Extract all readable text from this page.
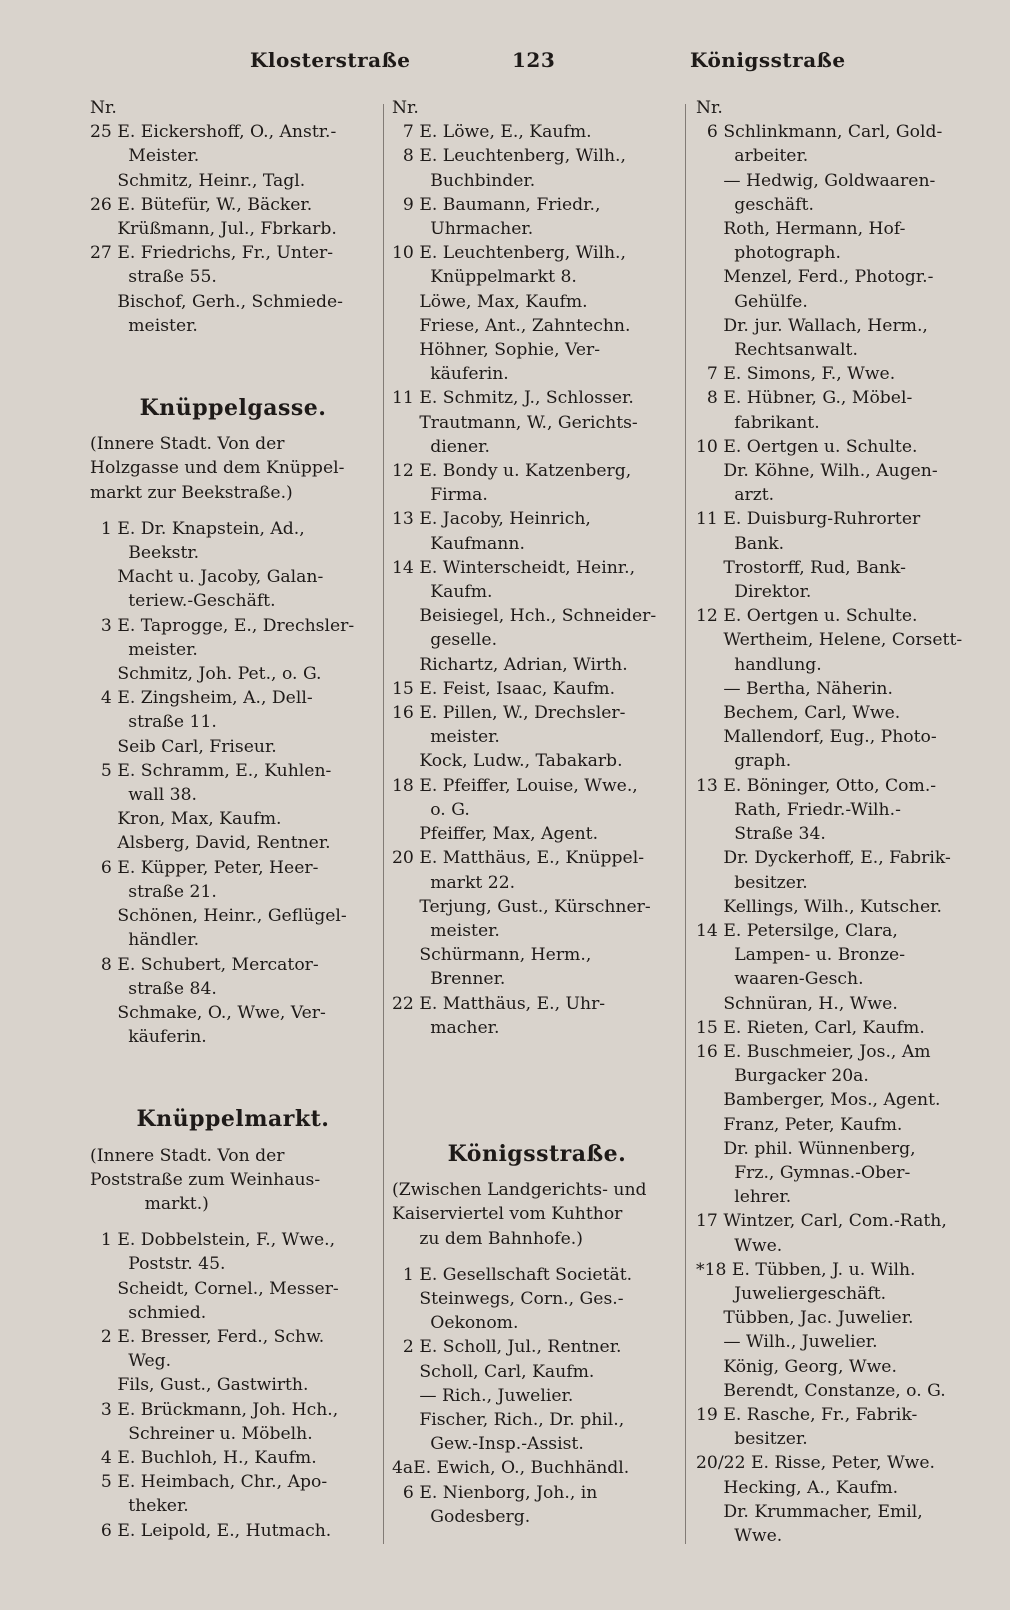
Klosterstraße	123	Königsstraße
Nr.
25 E. Eickershoff, O., Anstr.-
Meister.
Schmitz, Heinr., Tagl.
26 E. Bütefür, W., Bäcker.
Krüßmann, Jul., Fbrkarb.
27 E. Friedrichs, Fr., Unter-
straße 55.
Bischof, Gerh., Schmiede-
meister.
Knüppelgasse.
(Innere Stadt. Von der
Holzgasse und dem Knüppel-
markt zur Beekstraße.)
1 E. Dr. Knapstein, Ad.,
Beekstr.
Macht u. Jacoby, Galan-
teriew.-Geschäft.
3 E. Taprogge, E., Drechsler-
meister.
Schmitz, Joh. Pet., o. G.
4 E. Zingsheim, A., Dell-
straße 11.
Seib Carl, Friseur.
5 E. Schramm, E., Kuhlen-
wall 38.
Kron, Max, Kaufm.
Alsberg, David, Rentner.
6 E. Küpper, Peter, Heer-
straße 21.
Schönen, Heinr., Geflügel-
händler.
8 E. Schubert, Mercator-
straße 84.
Schmake, O., Wwe, Ver-
käuferin.
Knüppelmarkt.
(Innere Stadt. Von der
Poststraße zum Weinhaus-
markt.)
1 E. Dobbelstein, F., Wwe.,
Poststr. 45.
Scheidt, Cornel., Messer-
schmied.
2 E. Bresser, Ferd., Schw.
Weg.
Fils, Gust., Gastwirth.
3 E. Brückmann, Joh. Hch.,
Schreiner u. Möbelh.
4 E. Buchloh, H., Kaufm.
5 E. Heimbach, Chr., Apo-
theker.
6 E. Leipold, E., Hutmach.
Nr.
7 E. Löwe, E., Kaufm.
8 E. Leuchtenberg, Wilh.,
Buchbinder.
9 E. Baumann, Friedr.,
Uhrmacher.
10 E. Leuchtenberg, Wilh.,
Knüppelmarkt 8.
Löwe, Max, Kaufm.
Friese, Ant., Zahntechn.
Höhner, Sophie, Ver-
käuferin.
11 E. Schmitz, J., Schlosser.
Trautmann, W., Gerichts-
diener.
12 E. Bondy u. Katzenberg,
Firma.
13 E. Jacoby, Heinrich,
Kaufmann.
14 E. Winterscheidt, Heinr.,
Kaufm.
Beisiegel, Hch., Schneider-
geselle.
Richartz, Adrian, Wirth.
15 E. Feist, Isaac, Kaufm.
16 E. Pillen, W., Drechsler-
meister.
Kock, Ludw., Tabakarb.
18 E. Pfeiffer, Louise, Wwe.,
o. G.
Pfeiffer, Max, Agent.
20 E. Matthäus, E., Knüppel-
markt 22.
Terjung, Gust., Kürschner-
meister.
Schürmann, Herm.,
Brenner.
22 E. Matthäus, E., Uhr-
macher.
Königsstraße.
(Zwischen Landgerichts- und
Kaiserviertel vom Kuhthor
zu dem Bahnhofe.)
1 E. Gesellschaft Societät.
Steinwegs, Corn., Ges.-
Oekonom.
2 E. Scholl, Jul., Rentner.
Scholl, Carl, Kaufm.
— Rich., Juwelier.
Fischer, Rich., Dr. phil.,
Gew.-Insp.-Assist.
4aE. Ewich, O., Buchhändl.
6 E. Nienborg, Joh., in
Godesberg.
Nr.
6 Schlinkmann, Carl, Gold-
arbeiter.
— Hedwig, Goldwaaren-
geschäft.
Roth, Hermann, Hof-
photograph.
Menzel, Ferd., Photogr.-
Gehülfe.
Dr. jur. Wallach, Herm.,
Rechtsanwalt.
7 E. Simons, F., Wwe.
8 E. Hübner, G., Möbel-
fabrikant.
10 E. Oertgen u. Schulte.
Dr. Köhne, Wilh., Augen-
arzt.
11 E. Duisburg-Ruhrorter
Bank.
Trostorff, Rud, Bank-
Direktor.
12 E. Oertgen u. Schulte.
Wertheim, Helene, Corsett-
handlung.
— Bertha, Näherin.
Bechem, Carl, Wwe.
Mallendorf, Eug., Photo-
graph.
13 E. Böninger, Otto, Com.-
Rath, Friedr.-Wilh.-
Straße 34.
Dr. Dyckerhoff, E., Fabrik-
besitzer.
Kellings, Wilh., Kutscher.
14 E. Petersilge, Clara,
Lampen- u. Bronze-
waaren-Gesch.
Schnüran, H., Wwe.
15 E. Rieten, Carl, Kaufm.
16 E. Buschmeier, Jos., Am
Burgacker 20a.
Bamberger, Mos., Agent.
Franz, Peter, Kaufm.
Dr. phil. Wünnenberg,
Frz., Gymnas.-Ober-
lehrer.
17 Wintzer, Carl, Com.-Rath,
Wwe.
*18 E. Tübben, J. u. Wilh.
Juweliergeschäft.
Tübben, Jac. Juwelier.
— Wilh., Juwelier.
König, Georg, Wwe.
Berendt, Constanze, o. G.
19 E. Rasche, Fr., Fabrik-
besitzer.
20/22 E. Risse, Peter, Wwe.
Hecking, A., Kaufm.
Dr. Krummacher, Emil,
Wwe.
